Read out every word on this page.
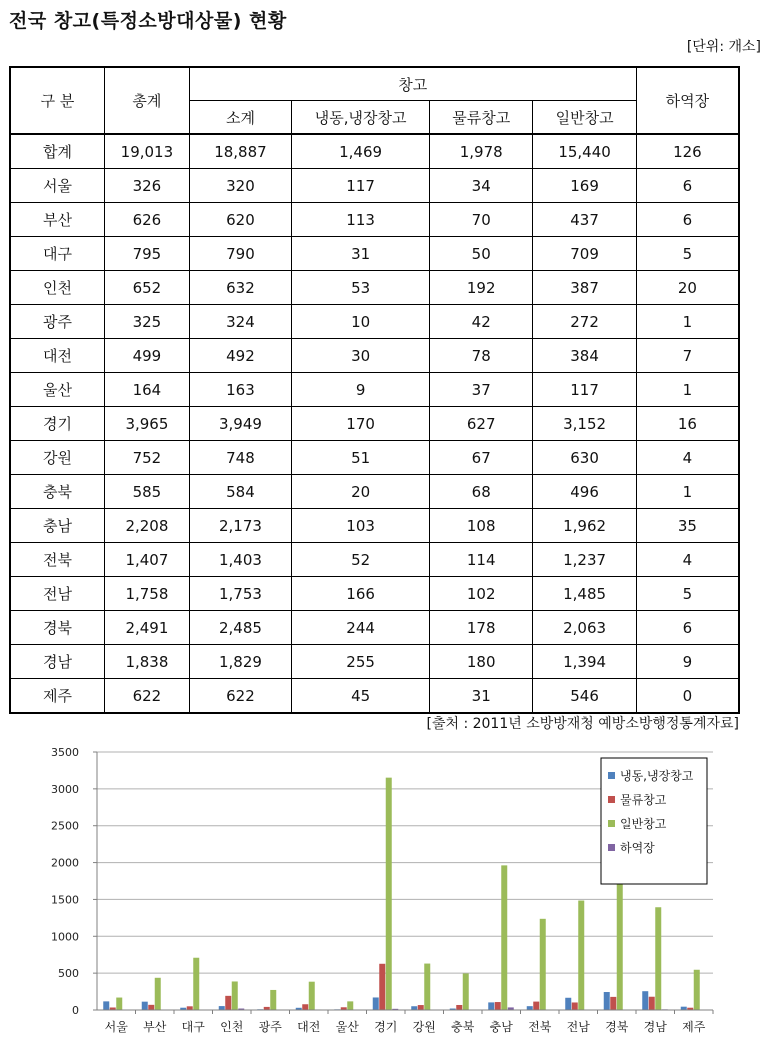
전국 창고(특정소방대상물) 현황
[단위: 개소]
구 분	총계	창고				하역장
		소계	냉동,냉장창고	물류창고	일반창고	
합계	19,013	18,887	1,469	1,978	15,440	126
서울	326	320	117	34	169	6
부산	626	620	113	70	437	6
대구	795	790	31	50	709	5
인천	652	632	53	192	387	20
광주	325	324	10	42	272	1
대전	499	492	30	78	384	7
울산	164	163	9	37	117	1
경기	3,965	3,949	170	627	3,152	16
강원	752	748	51	67	630	4
충북	585	584	20	68	496	1
충남	2,208	2,173	103	108	1,962	35
전북	1,407	1,403	52	114	1,237	4
전남	1,758	1,753	166	102	1,485	5
경북	2,491	2,485	244	178	2,063	6
경남	1,838	1,829	255	180	1,394	9
제주	622	622	45	31	546	0
[출처 : 2011년 소방방재청 예방소방행정통계자료]
0
500
1000
1500
2000
2500
3000
3500
서울 부산 대구 인천 광주 대전 울산 경기 강원 충북 충남 전북 전남 경북 경남 제주
냉동,냉장창고
물류창고
일반창고
하역장
